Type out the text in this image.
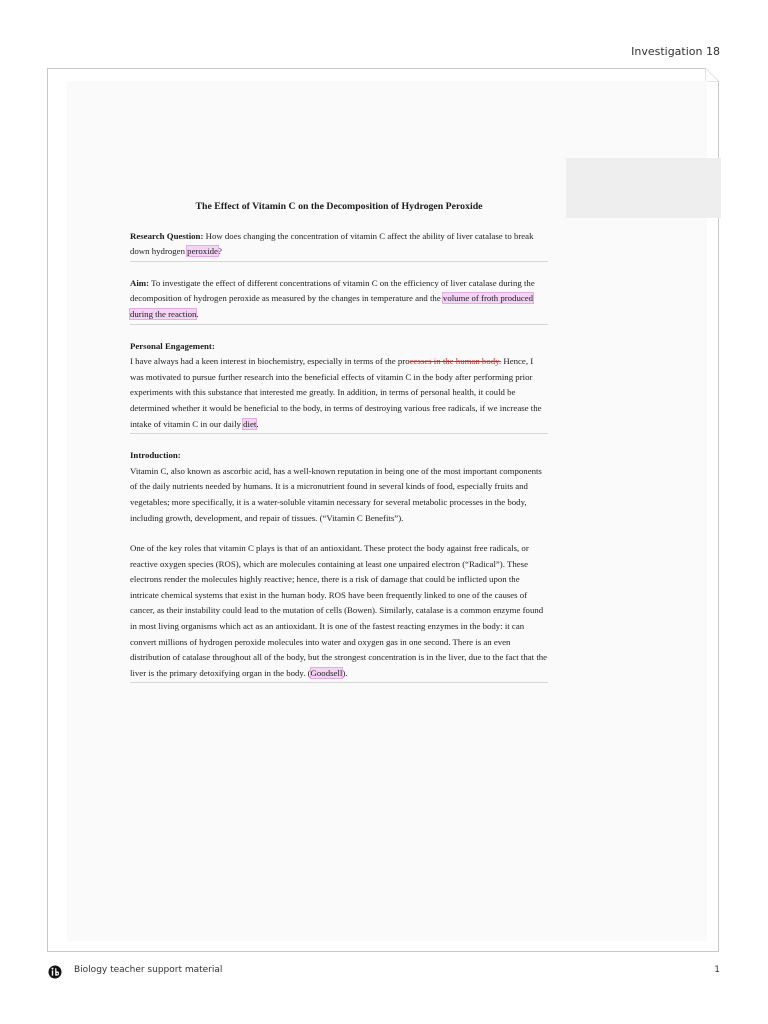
Investigation 18
The Effect of Vitamin C on the Decomposition of Hydrogen Peroxide
Research Question: How does changing the concentration of vitamin C affect the ability of liver catalase to break down hydrogen peroxide?
Aim: To investigate the effect of different concentrations of vitamin C on the efficiency of liver catalase during the decomposition of hydrogen peroxide as measured by the changes in temperature and the volume of froth produced during the reaction.
Personal Engagement:
I have always had a keen interest in biochemistry, especially in terms of the processes in the human body. Hence, I was motivated to pursue further research into the beneficial effects of vitamin C in the body after performing prior experiments with this substance that interested me greatly. In addition, in terms of personal health, it could be determined whether it would be beneficial to the body, in terms of destroying various free radicals, if we increase the intake of vitamin C in our daily diet.
Introduction:
Vitamin C, also known as ascorbic acid, has a well-known reputation in being one of the most important components of the daily nutrients needed by humans. It is a micronutrient found in several kinds of food, especially fruits and vegetables; more specifically, it is a water-soluble vitamin necessary for several metabolic processes in the body, including growth, development, and repair of tissues. (“Vitamin C Benefits”).
One of the key roles that vitamin C plays is that of an antioxidant. These protect the body against free radicals, or reactive oxygen species (ROS), which are molecules containing at least one unpaired electron (“Radical”). These electrons render the molecules highly reactive; hence, there is a risk of damage that could be inflicted upon the intricate chemical systems that exist in the human body. ROS have been frequently linked to one of the causes of cancer, as their instability could lead to the mutation of cells (Bowen). Similarly, catalase is a common enzyme found in most living organisms which act as an antioxidant. It is one of the fastest reacting enzymes in the body: it can convert millions of hydrogen peroxide molecules into water and oxygen gas in one second. There is an even distribution of catalase throughout all of the body, but the strongest concentration is in the liver, due to the fact that the liver is the primary detoxifying organ in the body. (Goodsell).
Biology teacher support material	1
